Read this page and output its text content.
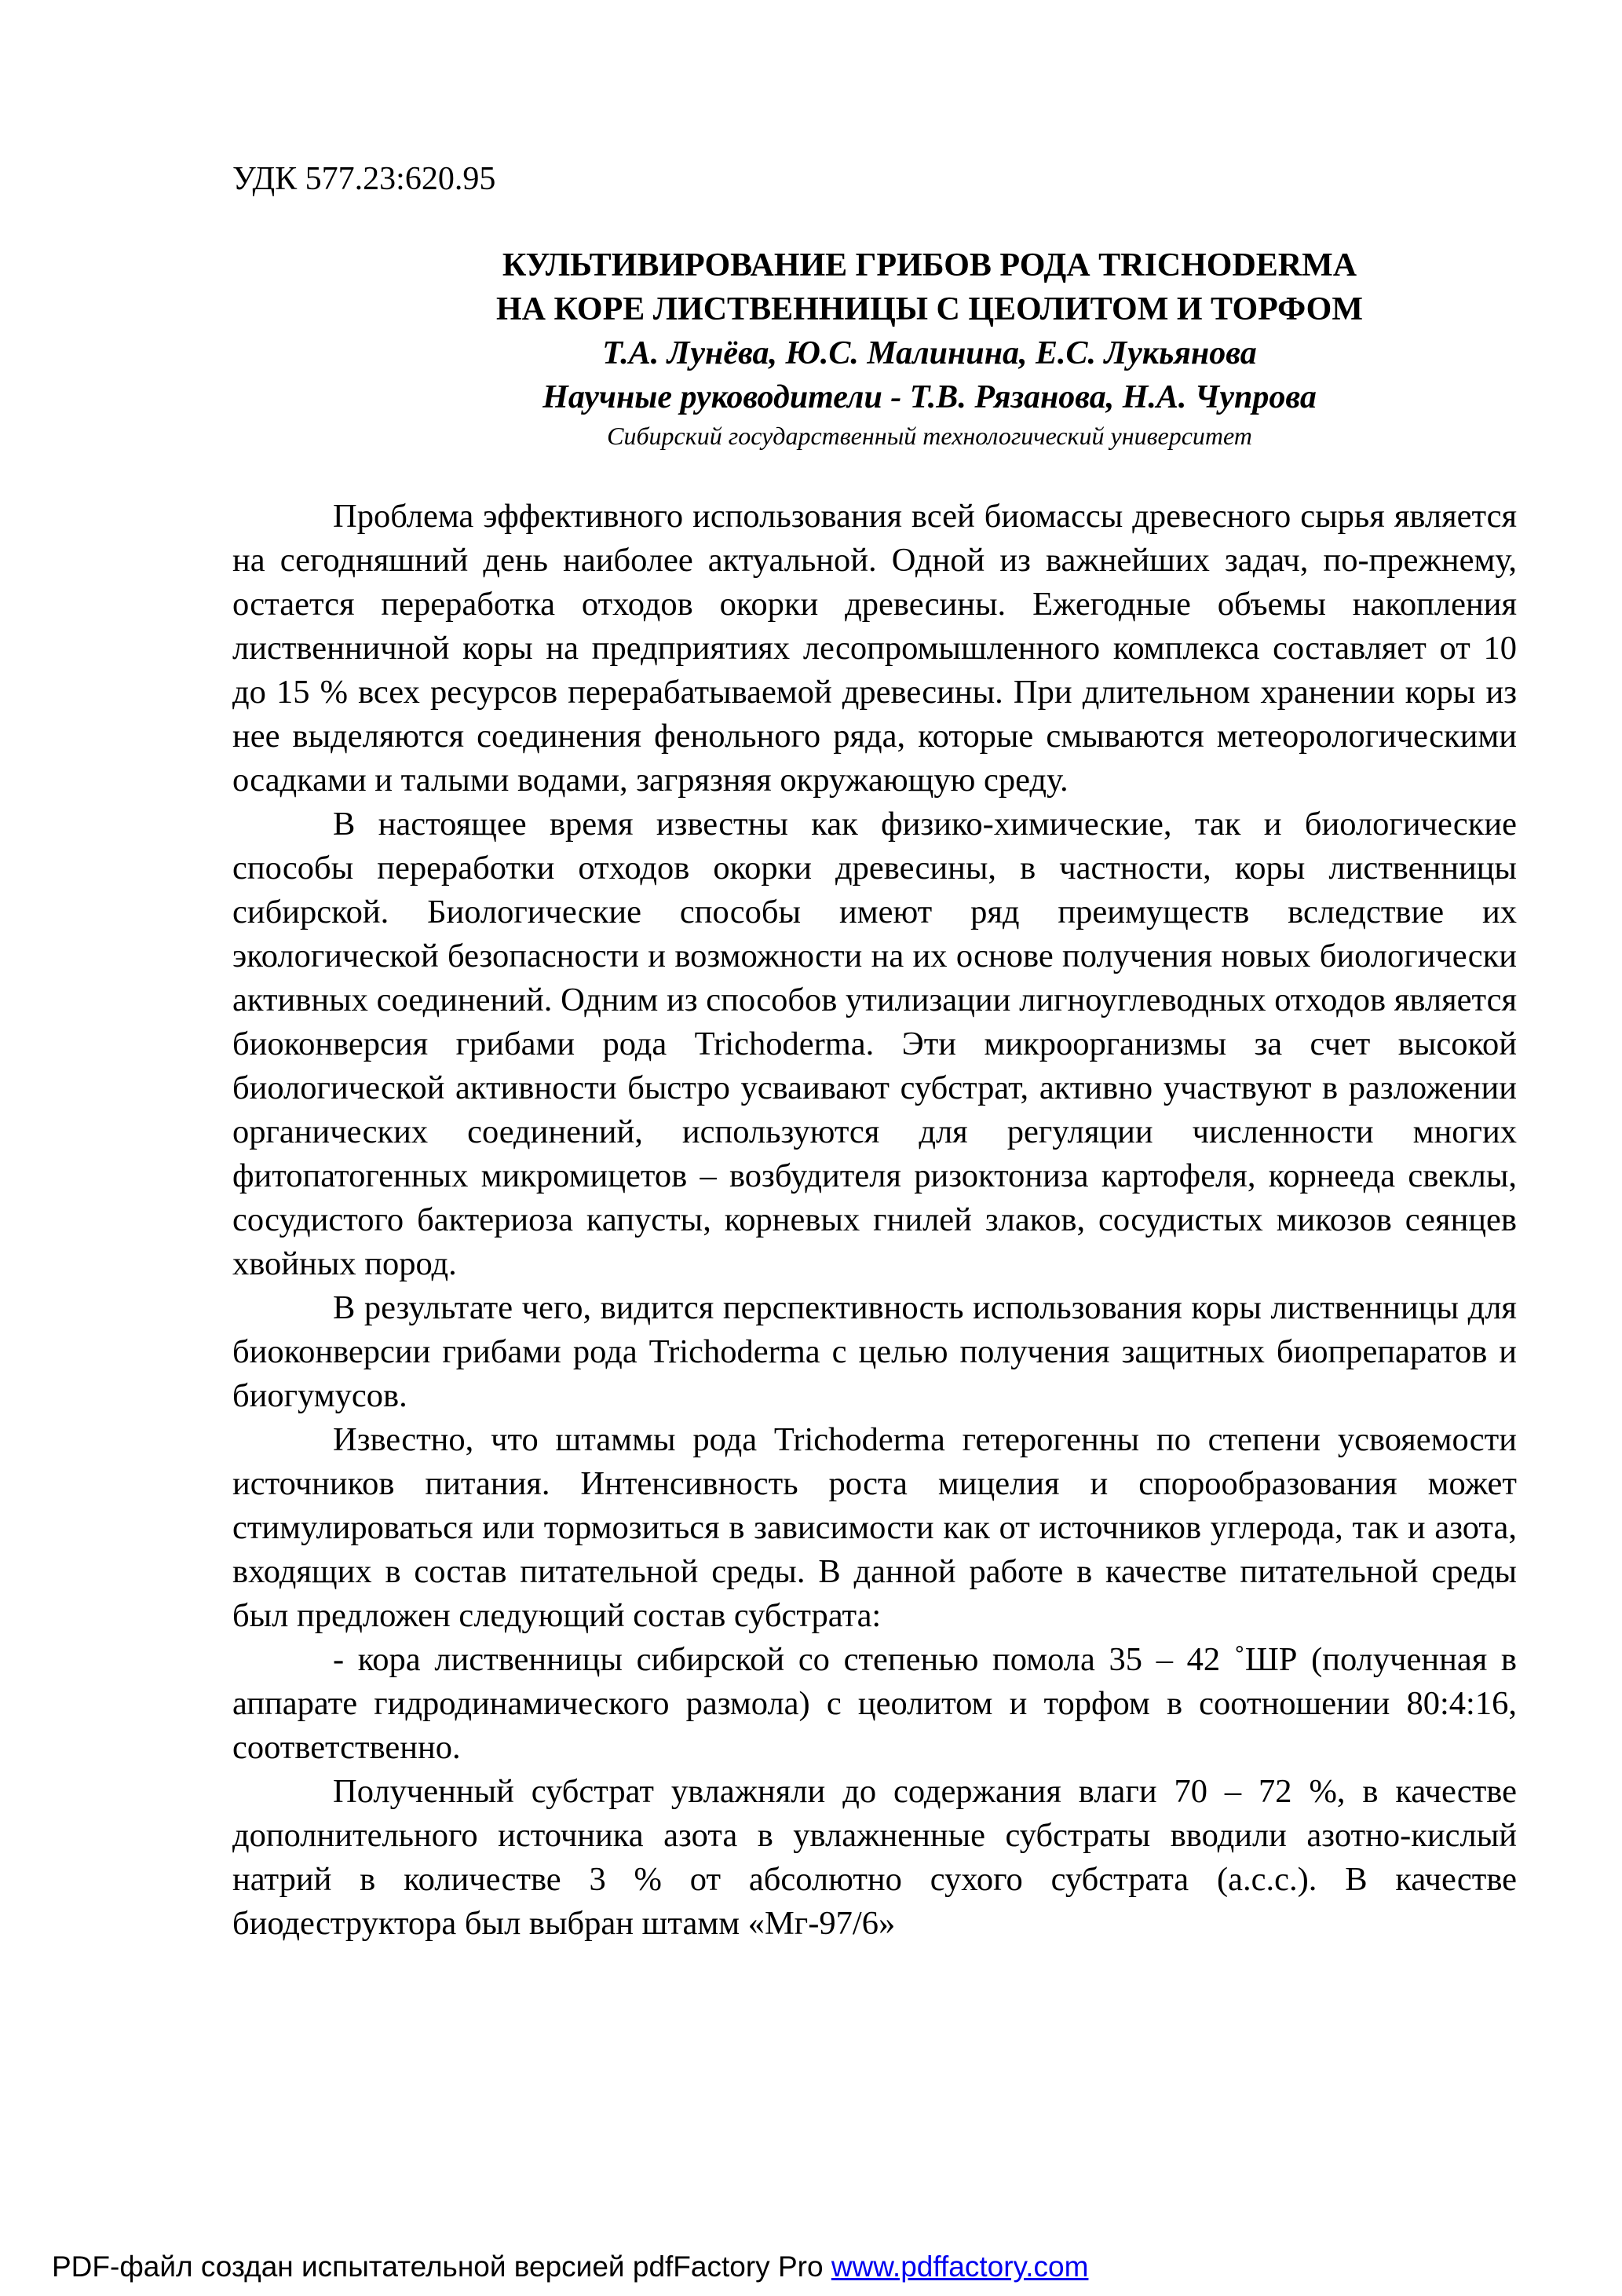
УДК 577.23:620.95
КУЛЬТИВИРОВАНИЕ ГРИБОВ РОДА TRICHODERMA
НА КОРЕ ЛИСТВЕННИЦЫ С ЦЕОЛИТОМ И ТОРФОМ
Т.А. Лунёва, Ю.С. Малинина, Е.С. Лукьянова
Научные руководители - Т.В. Рязанова, Н.А. Чупрова
Сибирский государственный технологический университет

Проблема эффективного использования всей биомассы древесного сырья является на сегодняшний день наиболее актуальной. Одной из важнейших задач, по-прежнему, остается переработка отходов окорки древесины. Ежегодные объемы накопления лиственничной коры на предприятиях лесопромышленного комплекса составляет от 10 до 15 % всех ресурсов перерабатываемой древесины. При длительном хранении коры из нее выделяются соединения фенольного ряда, которые смываются метеорологическими осадками и талыми водами, загрязняя окружающую среду.

В настоящее время известны как физико-химические, так и биологические способы переработки отходов окорки древесины, в частности, коры лиственницы сибирской. Биологические способы имеют ряд преимуществ вследствие их экологической безопасности и возможности на их основе получения новых биологически активных соединений. Одним из способов утилизации лигноуглеводных отходов является биоконверсия грибами рода Trichoderma. Эти микроорганизмы за счет высокой биологической активности быстро усваивают субстрат, активно участвуют в разложении органических соединений, используются для регуляции численности многих фитопатогенных микромицетов – возбудителя ризоктониза картофеля, корнееда свеклы, сосудистого бактериоза капусты, корневых гнилей злаков, сосудистых микозов сеянцев хвойных пород.

В результате чего, видится перспективность использования коры лиственницы для биоконверсии грибами рода Trichoderma с целью получения защитных биопрепаратов и биогумусов.

Известно, что штаммы рода Trichoderma гетерогенны по степени усвояемости источников питания. Интенсивность роста мицелия и спорообразования может стимулироваться или тормозиться в зависимости как от источников углерода, так и азота, входящих в состав питательной среды. В данной работе в качестве питательной среды был предложен следующий состав субстрата:

- кора лиственницы сибирской со степенью помола 35 – 42 ˚ШР (полученная в аппарате гидродинамического размола) с цеолитом и торфом в соотношении 80:4:16, соответственно.

Полученный субстрат увлажняли до содержания влаги 70 – 72 %, в качестве дополнительного источника азота в увлажненные субстраты вводили азотно-кислый натрий в количестве 3 % от абсолютно сухого субстрата (а.с.с.). В качестве биодеструктора был выбран штамм «Мг-97/6»

PDF-файл создан испытательной версией pdfFactory Pro www.pdffactory.com
